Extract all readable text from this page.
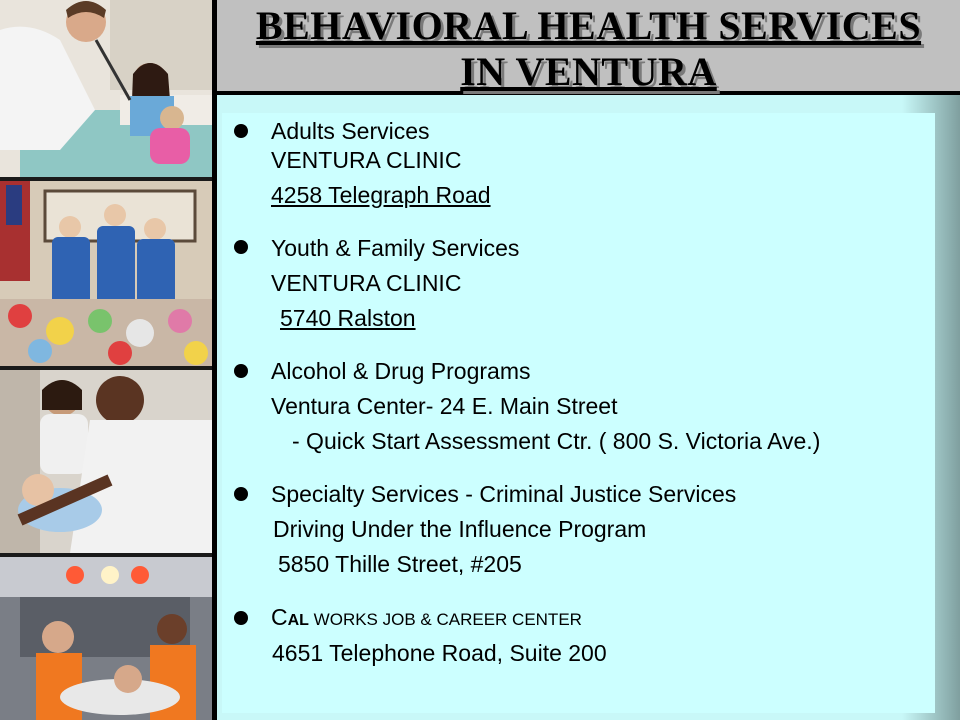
BEHAVIORAL HEALTH SERVICES
IN VENTURA
Adults Services
VENTURA CLINIC
4258 Telegraph Road
Youth & Family Services
VENTURA CLINIC
5740 Ralston
Alcohol & Drug Programs
Ventura Center- 24 E. Main Street
- Quick Start Assessment Ctr. ( 800 S. Victoria Ave.)
Specialty Services - Criminal Justice Services
Driving Under the Influence Program
5850 Thille Street, #205
CAL WORKS JOB & CAREER CENTER
4651 Telephone Road, Suite 200
